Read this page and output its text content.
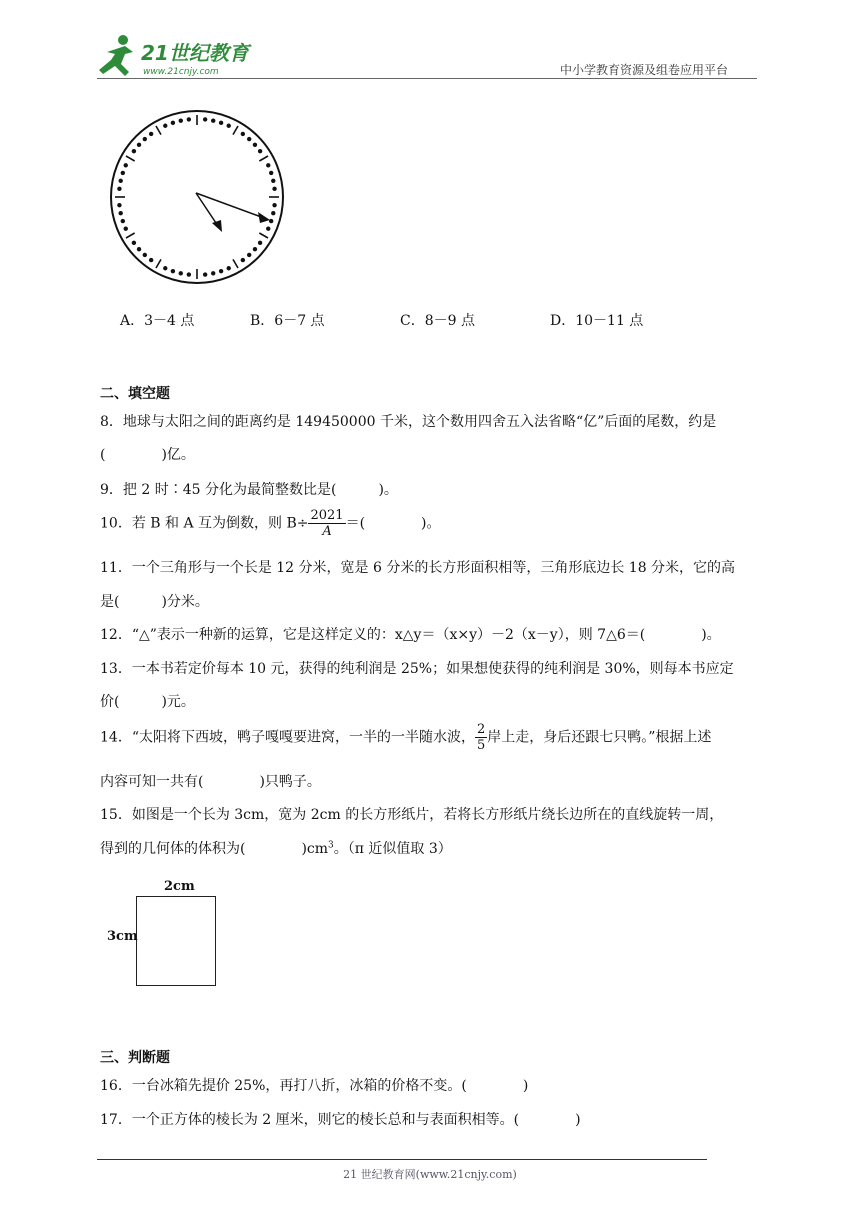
21世纪教育
www.21cnjy.com	中小学教育资源及组卷应用平台
A．3－4 点	B．6－7 点	C．8－9 点	D．10－11 点
二、填空题
8．地球与太阳之间的距离约是 149450000 千米，这个数用四舍五入法省略“亿”后面的尾数，约是
(　　　　)亿。
9．把 2 时∶45 分化为最简整数比是(　　　)。
10．若 B 和 A 互为倒数，则 $B\div \frac{2021}{A}$ ＝(　　　　)。
11．一个三角形与一个长是 12 分米，宽是 6 分米的长方形面积相等，三角形底边长 18 分米，它的高
是(　　　)分米。
12．“△”表示一种新的运算，它是这样定义的：x△y＝（x×y）－2（x－y），则 7△6＝(　　　　)。
13．一本书若定价每本 10 元，获得的纯利润是 25%；如果想使获得的纯利润是 30%，则每本书应定
价(　　　)元。
14．“太阳将下西坡，鸭子嘎嘎要进窝，一半的一半随水波， $\frac{2}{5}$ 岸上走，身后还跟七只鸭。”根据上述
内容可知一共有(　　　　)只鸭子。
15．如图是一个长为 3cm，宽为 2cm 的长方形纸片，若将长方形纸片绕长边所在的直线旋转一周，
得到的几何体的体积为(　　　　)$cm^3$。（π 近似值取 3）
2cm
3cm
三、判断题
16．一台冰箱先提价 25%，再打八折，冰箱的价格不变。(　　　　)
17．一个正方体的棱长为 2 厘米，则它的棱长总和与表面积相等。(　　　　)
21 世纪教育网(www.21cnjy.com)
